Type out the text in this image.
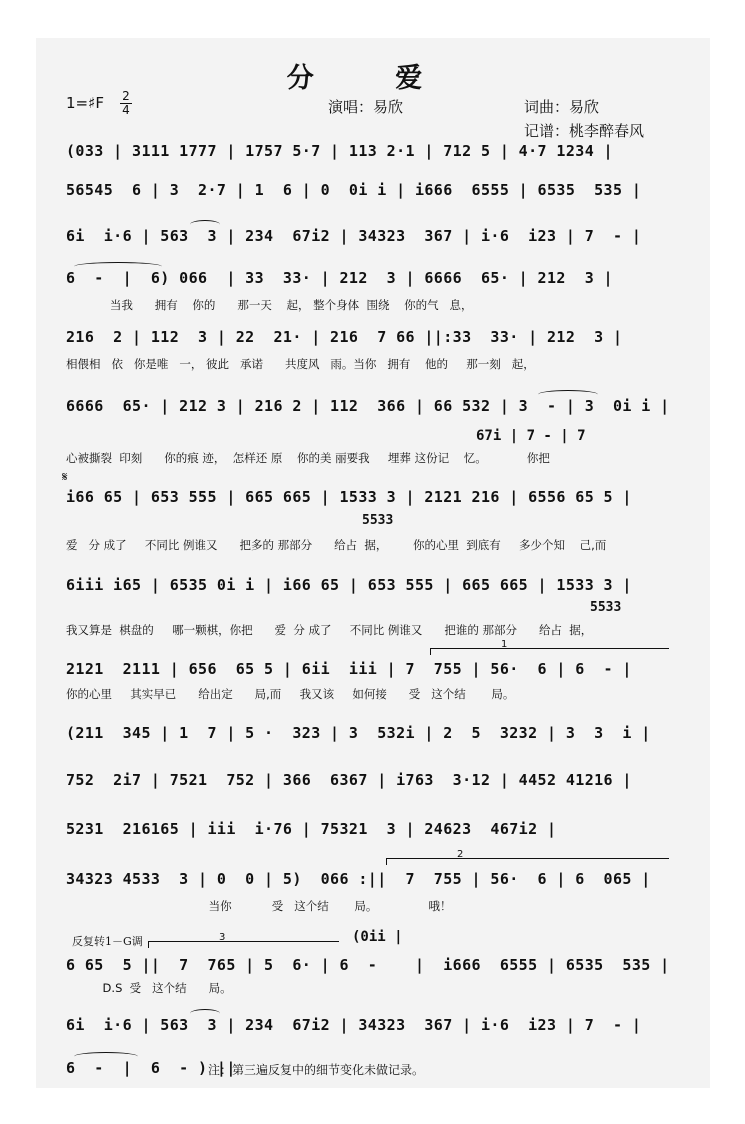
分 爱
1=♯F 2
4	演唱：易欣	词曲：易欣
记谱：桃李醉春风
(033 | 3111 1777 | 1757 5·7 | 113 2·1 | 712 5 | 4·7 1234 |
56545  6 | 3  2·7 | 1  6 | 0  0i i | i666  6555 | 6535  535 |
6i  i·6 | 563  3 | 234  67i2 | 34323  367 | i·6  i23 | 7  - |
6  -  |  6) 066  | 33  33· | 212  3 | 6666  65· | 212  3 |
当我      拥有    你的      那一天    起， 整个身体  围绕    你的气   息，
216  2 | 112  3 | 22  21· | 216  7 66 ||:33  33· | 212  3 |
相偎相   依   你是唯   一， 彼此   承诺      共度风   雨。当你   拥有    他的     那一刻   起，
6666  65· | 212 3 | 216 2 | 112  366 | 66 532 | 3  - | 3  0i i |
67i | 7 - | 7
心被撕裂  印刻      你的痕 迹，  怎样还 原    你的美 丽要我     埋葬 这份记    忆。           你把
𝄋
i66 65 | 653 555 | 665 665 | 1533 3 | 2121 216 | 6556 65 5 |
5533
爱   分 成了     不同比 例谁又      把多的 那部分      给占  据，       你的心里  到底有     多少个知    己,而
6iii i65 | 6535 0i i | i66 65 | 653 555 | 665 665 | 1533 3 |
5533
我又算是  棋盘的     哪一颗棋，你把      爱  分 成了     不同比 例谁又      把谁的 那部分      给占  据，
1
2121  2111 | 656  65 5 | 6ii  iii | 7  755 | 56·  6 | 6  - |
你的心里     其实早已      给出定      局,而     我又该     如何接      受   这个结       局。
(211  345 | 1  7 | 5 ·  323 | 3  532i | 2  5  3232 | 3  3  i |
752  2i7 | 7521  752 | 366  6367 | i763  3·12 | 4452 41216 |
5231  216165 | iii  i·76 | 75321  3 | 24623  467i2 |
2
34323 4533  3 | 0  0 | 5)  066 :||  7  755 | 56·  6 | 6  065 |
当你           受   这个结       局。              哦！
反复转1－G调	3	(0ii |
6 65  5 ||  7  765 | 5  6· | 6  -    |  i666  6555 | 6535  535 |
D.S  受   这个结      局。
6i  i·6 | 563  3 | 234  67i2 | 34323  367 | i·6  i23 | 7  - |
6  -  |  6  - ) ||
注：第三遍反复中的细节变化未做记录。
